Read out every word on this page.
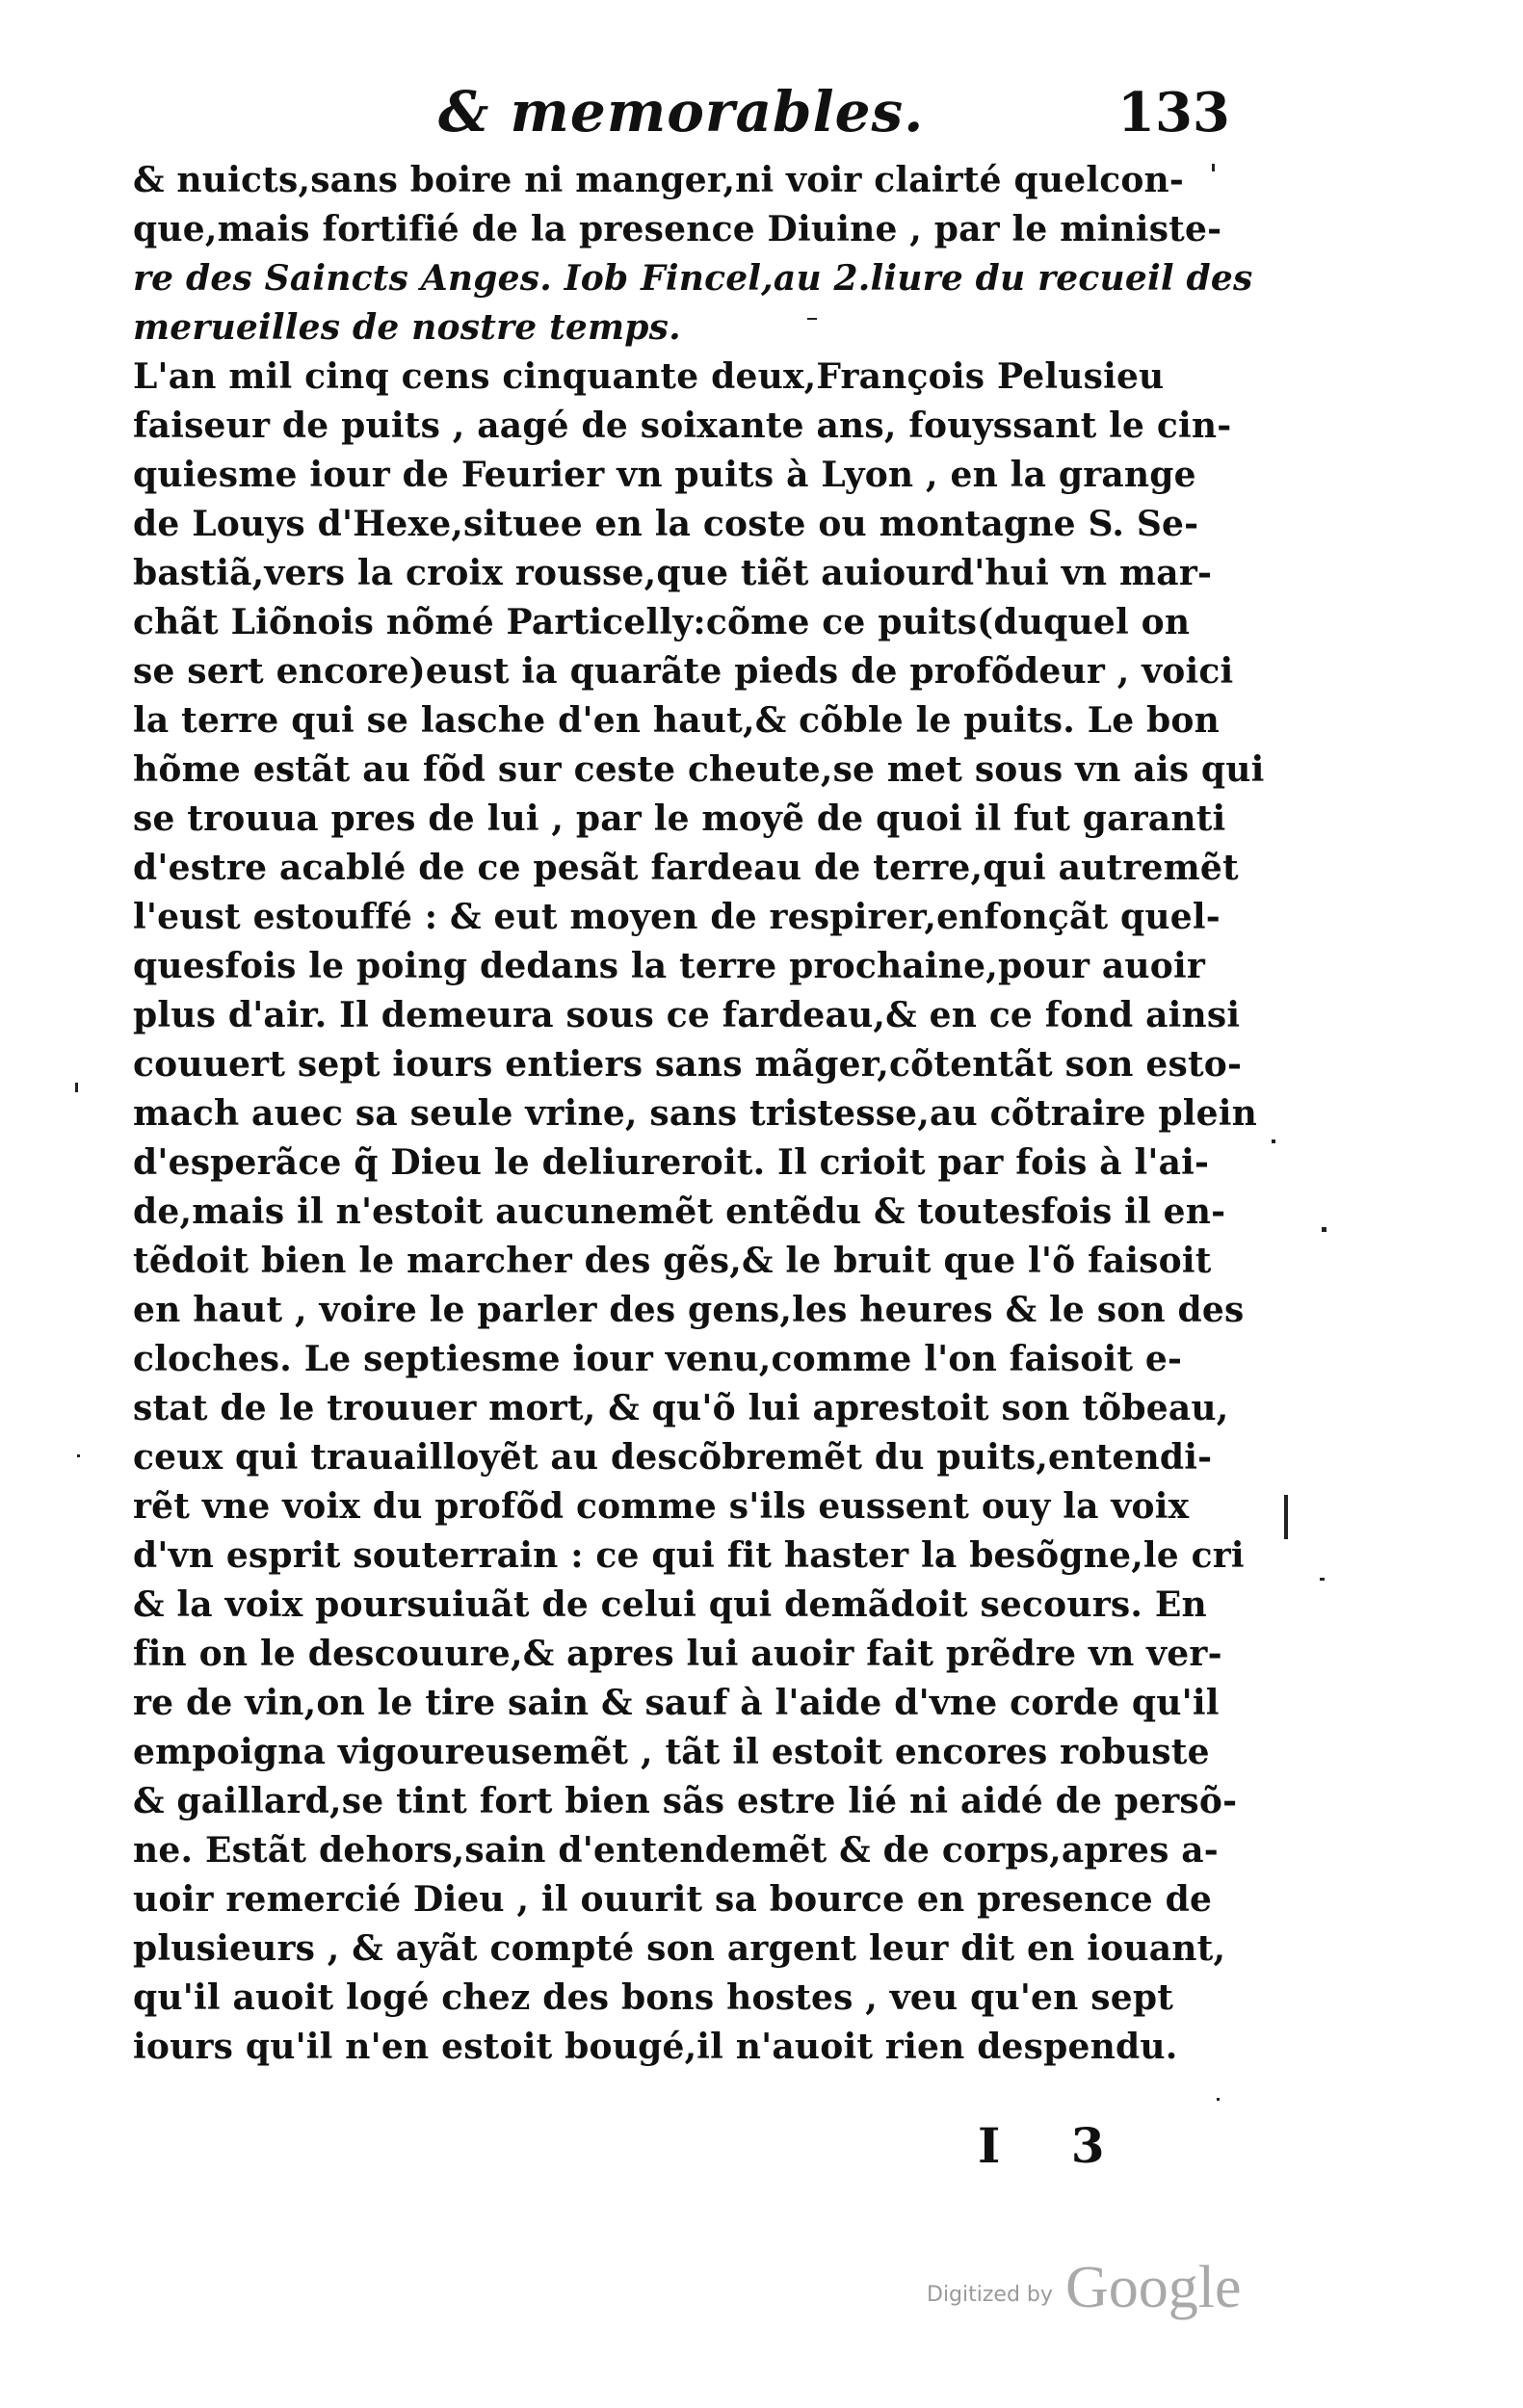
& memorables.	133
& nuicts,sans boire ni manger,ni voir clairté quelcon-
que,mais fortifié de la presence Diuine , par le ministe-
re des Saincts Anges. Iob Fincel,au 2.liure du recueil des
merueilles de nostre temps.
L'an mil cinq cens cinquante deux,François Pelusieu
faiseur de puits , aagé de soixante ans, fouyssant le cin-
quiesme iour de Feurier vn puits à Lyon , en la grange
de Louys d'Hexe,situee en la coste ou montagne S. Se-
bastiã,vers la croix rousse,que tiẽt auiourd'hui vn mar-
chãt Liõnois nõmé Particelly:cõme ce puits(duquel on
se sert encore)eust ia quarãte pieds de profõdeur , voici
la terre qui se lasche d'en haut,& cõble le puits. Le bon
hõme estãt au fõd sur ceste cheute,se met sous vn ais qui
se trouua pres de lui , par le moyẽ de quoi il fut garanti
d'estre acablé de ce pesãt fardeau de terre,qui autremẽt
l'eust estouffé : & eut moyen de respirer,enfonçãt quel-
quesfois le poing dedans la terre prochaine,pour auoir
plus d'air. Il demeura sous ce fardeau,& en ce fond ainsi
couuert sept iours entiers sans mãger,cõtentãt son esto-
mach auec sa seule vrine, sans tristesse,au cõtraire plein
d'esperãce q̃ Dieu le deliureroit. Il crioit par fois à l'ai-
de,mais il n'estoit aucunemẽt entẽdu & toutesfois il en-
tẽdoit bien le marcher des gẽs,& le bruit que l'õ faisoit
en haut , voire le parler des gens,les heures & le son des
cloches. Le septiesme iour venu,comme l'on faisoit e-
stat de le trouuer mort, & qu'õ lui aprestoit son tõbeau,
ceux qui trauailloyẽt au descõbremẽt du puits,entendi-
rẽt vne voix du profõd comme s'ils eussent ouy la voix
d'vn esprit souterrain : ce qui fit haster la besõgne,le cri
& la voix poursuiuãt de celui qui demãdoit secours. En
fin on le descouure,& apres lui auoir fait prẽdre vn ver-
re de vin,on le tire sain & sauf à l'aide d'vne corde qu'il
empoigna vigoureusemẽt , tãt il estoit encores robuste
& gaillard,se tint fort bien sãs estre lié ni aidé de persõ-
ne. Estãt dehors,sain d'entendemẽt & de corps,apres a-
uoir remercié Dieu , il ouurit sa bource en presence de
plusieurs , & ayãt compté son argent leur dit en iouant,
qu'il auoit logé chez des bons hostes , veu qu'en sept
iours qu'il n'en estoit bougé,il n'auoit rien despendu.
I 3
Digitized by Google
